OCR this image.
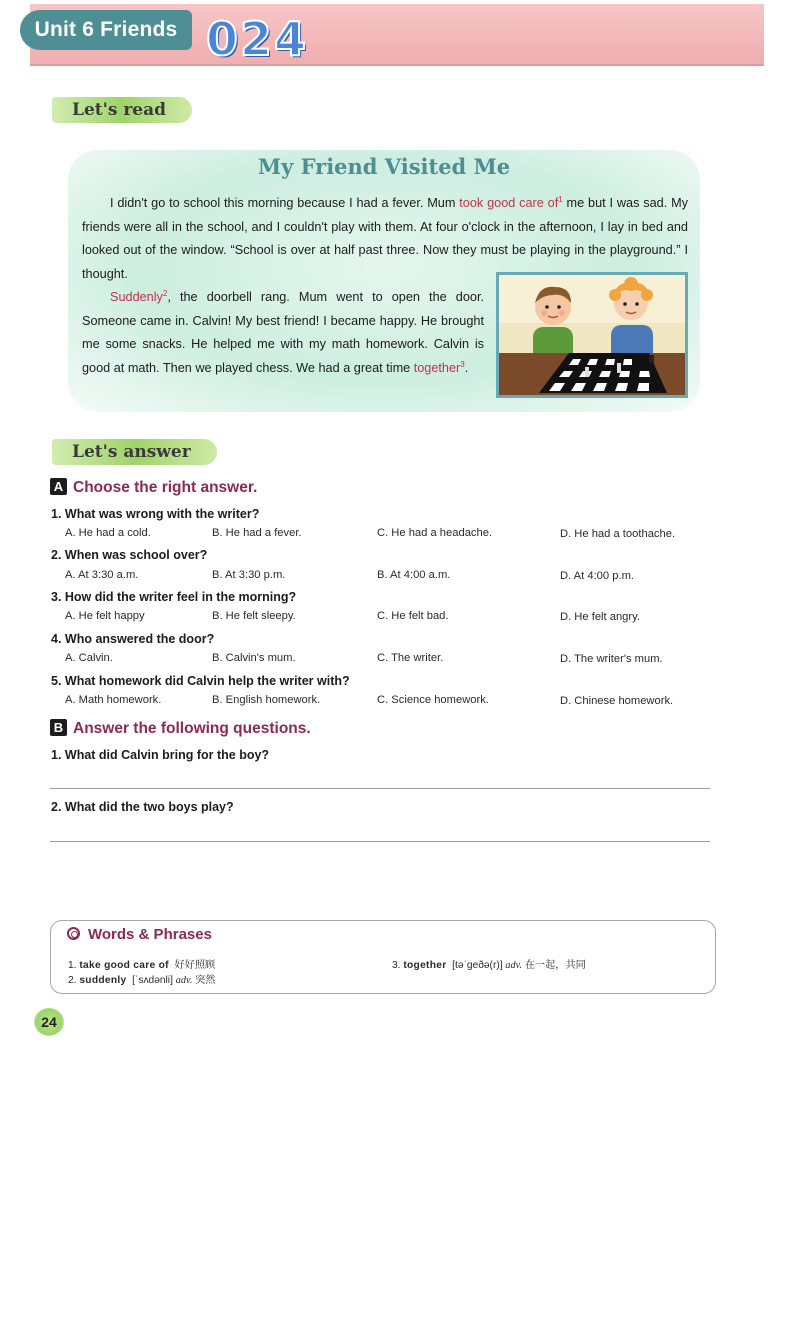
Unit 6 Friends 024
Let's read
My Friend Visited Me
I didn't go to school this morning because I had a fever. Mum took good care $of^1$ me but I was sad. My friends were all in the school, and I couldn't play with them. At four o'clock in the afternoon, I lay in bed and looked out of the window. “School is over at half past three. Now they must be playing in the playground.” I thought.
Suddenly$^2$, the doorbell rang. Mum went to open the door. Someone came in. Calvin! My best friend! I became happy. He brought me some snacks. He helped me with my math homework. Calvin is good at math. Then we played chess. We had a great time together$^3$.
Let's answer
A Choose the right answer.
1. What was wrong with the writer?
A. He had a cold.	B. He had a fever.	C. He had a headache.	D. He had a toothache.
2. When was school over?
A. At 3:30 a.m.	B. At 3:30 p.m.	B. At 4:00 a.m.	D. At 4:00 p.m.
3. How did the writer feel in the morning?
A. He felt happy	B. He felt sleepy.	C. He felt bad.	D. He felt angry.
4. Who answered the door?
A. Calvin.	B. Calvin's mum.	C. The writer.	D. The writer's mum.
5. What homework did Calvin help the writer with?
A. Math homework.	B. English homework.	C. Science homework.	D. Chinese homework.
B Answer the following questions.
1. What did Calvin bring for the boy?
2. What did the two boys play?
Words & Phrases
1. take good care of 好好照顾
2. suddenly [ˈsʌdənli] adv. 突然
3. together [təˈgeðə(r)] adv. 在一起，共同
24
